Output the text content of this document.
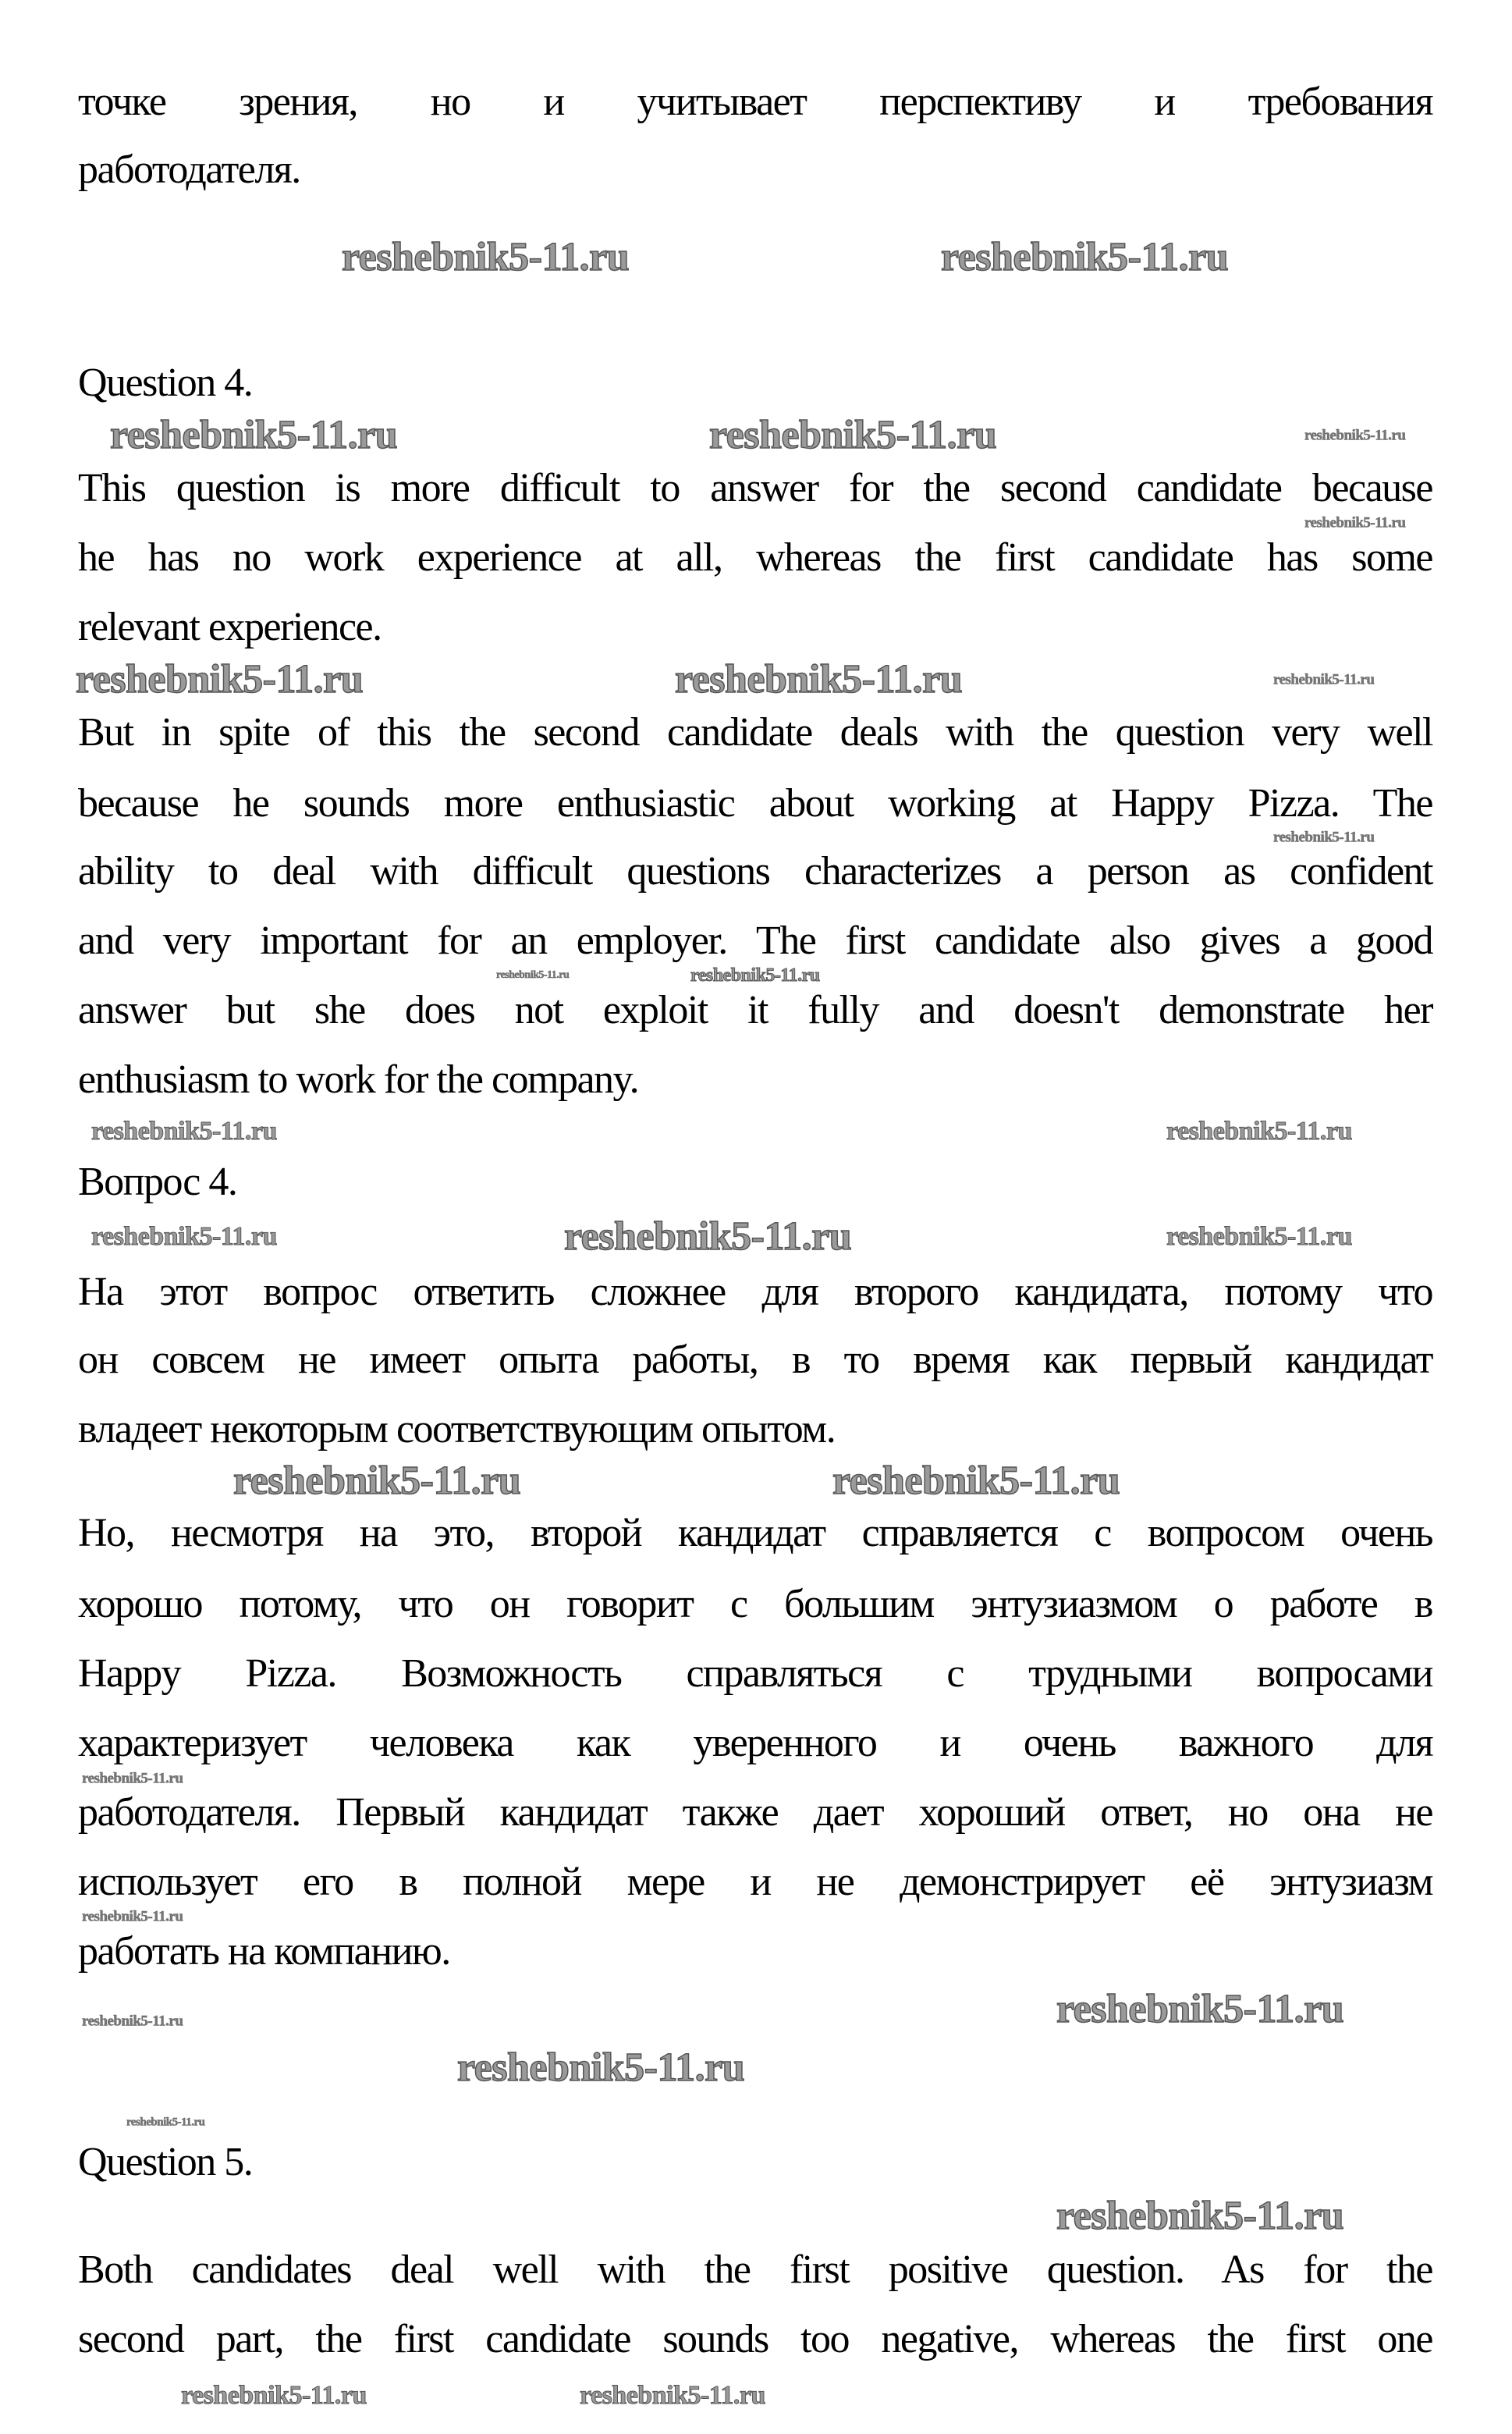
точке зрения, но и учитывает перспективу и требования
работодателя.
Question 4.
This question is more difficult to answer for the second candidate because
he has no work experience at all, whereas the first candidate has some
relevant experience.
But in spite of this the second candidate deals with the question very well
because he sounds more enthusiastic about working at Happy Pizza. The
ability to deal with difficult questions characterizes a person as confident
and very important for an employer. The first candidate also gives a good
answer but she does not exploit it fully and doesn't demonstrate her
enthusiasm to work for the company.
Вопрос 4.
На этот вопрос ответить сложнее для второго кандидата, потому что
он совсем не имеет опыта работы, в то время как первый кандидат
владеет некоторым соответствующим опытом.
Но, несмотря на это, второй кандидат справляется с вопросом очень
хорошо потому, что он говорит с большим энтузиазмом о работе в
Happy Pizza. Возможность справляться с трудными вопросами
характеризует человека как уверенного и очень важного для
работодателя. Первый кандидат также дает хороший ответ, но она не
использует его в полной мере и не демонстрирует её энтузиазм
работать на компанию.
Question 5.
Both candidates deal well with the first positive question. As for the
second part, the first candidate sounds too negative, whereas the first one
reshebnik5-11.ru	reshebnik5-11.ru
reshebnik5-11.ru	reshebnik5-11.ru	reshebnik5-11.ru
reshebnik5-11.ru
reshebnik5-11.ru	reshebnik5-11.ru	reshebnik5-11.ru
reshebnik5-11.ru
reshebnik5-11.ru	reshebnik5-11.ru
reshebnik5-11.ru	reshebnik5-11.ru
reshebnik5-11.ru	reshebnik5-11.ru	reshebnik5-11.ru
reshebnik5-11.ru	reshebnik5-11.ru
reshebnik5-11.ru
reshebnik5-11.ru
reshebnik5-11.ru
reshebnik5-11.ru
reshebnik5-11.ru
reshebnik5-11.ru
reshebnik5-11.ru
reshebnik5-11.ru	reshebnik5-11.ru
